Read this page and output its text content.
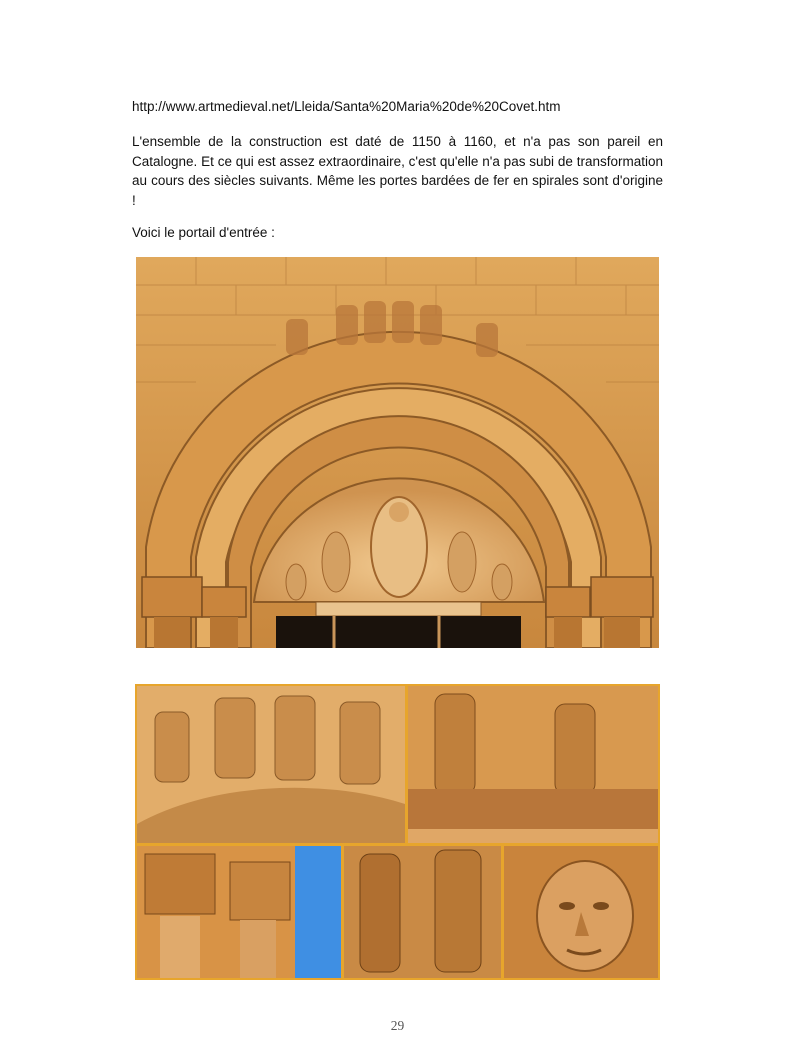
http://www.artmedieval.net/Lleida/Santa%20Maria%20de%20Covet.htm

L'ensemble de la construction est daté de 1150 à 1160, et n'a pas son pareil en Catalogne. Et ce qui est assez extraordinaire, c'est qu'elle n'a pas subi de transformation au cours des siècles suivants. Même les portes bardées de fer en spirales sont d'origine !

Voici le portail d'entrée :

29
